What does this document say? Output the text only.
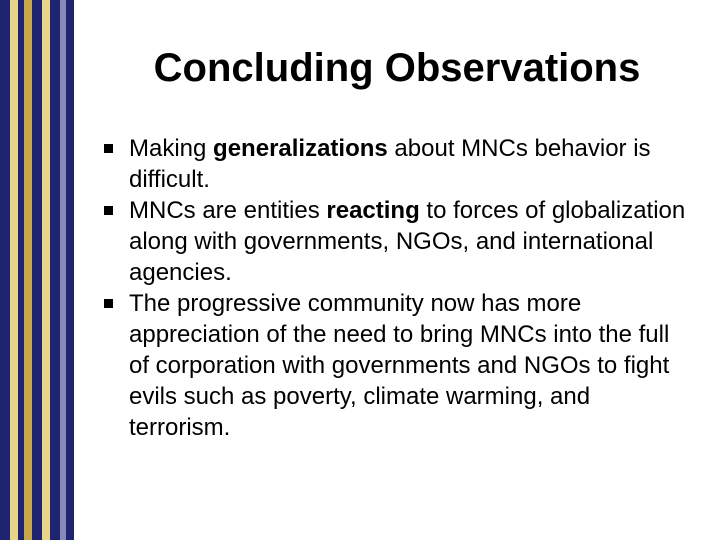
Concluding Observations
Making generalizations about MNCs behavior is difficult.
MNCs are entities reacting to forces of globalization along with governments, NGOs, and international agencies.
The progressive community now has more appreciation of the need to bring MNCs into the full of corporation with governments and NGOs to fight evils such as poverty, climate warming, and terrorism.
